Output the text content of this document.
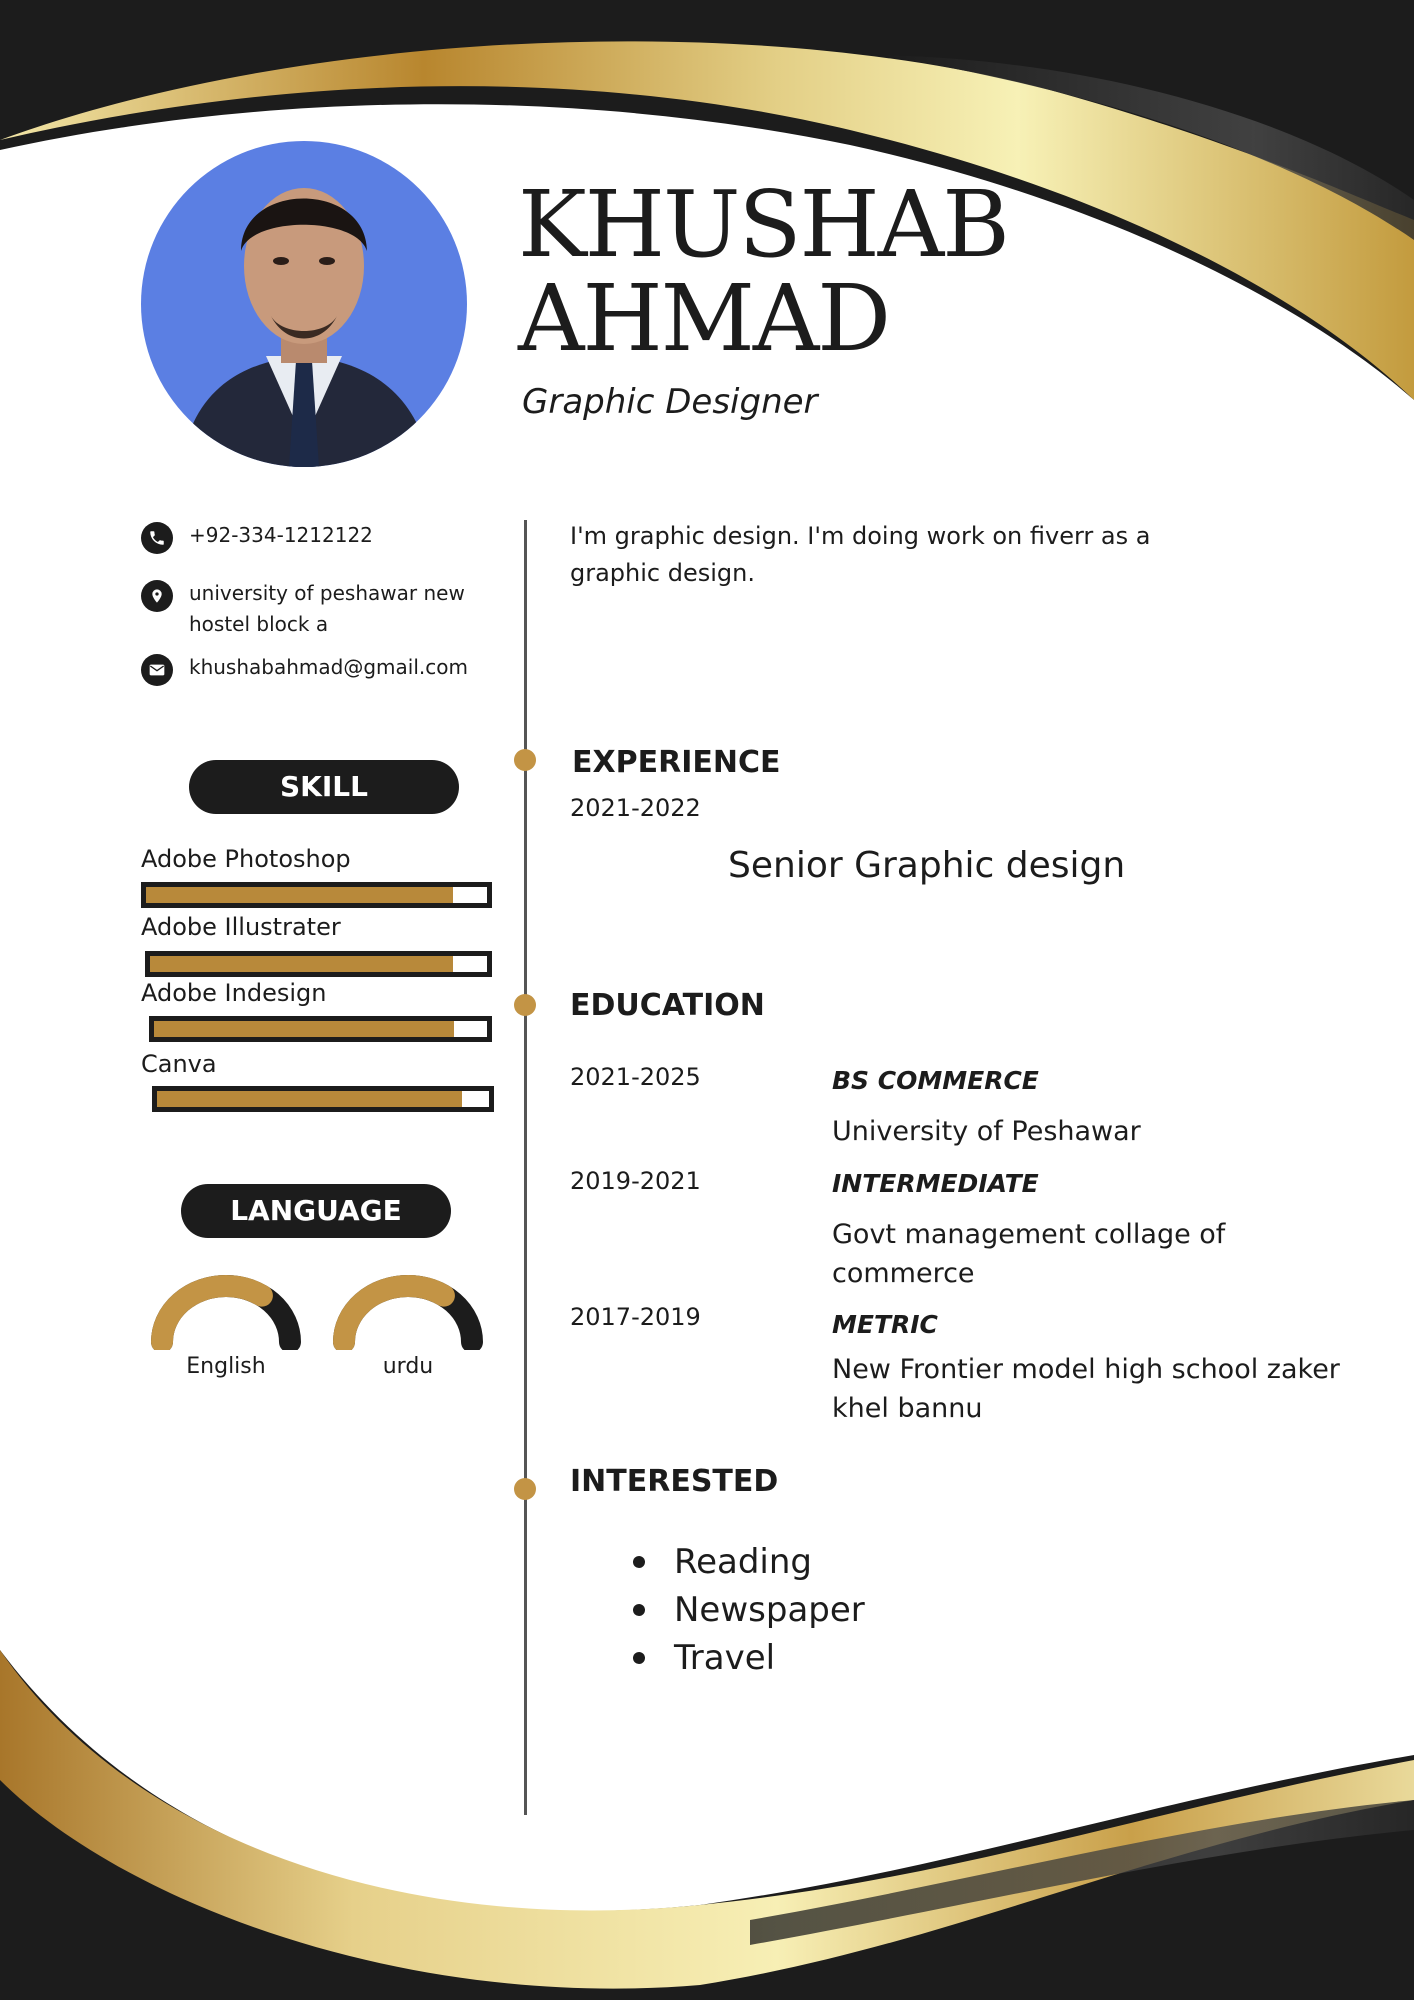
KHUSHAB
AHMAD
Graphic Designer
+92-334-1212122
university of peshawar new hostel block a
khushabahmad@gmail.com
SKILL
Adobe Photoshop
Adobe Illustrater
Adobe Indesign
Canva
LANGUAGE
English	urdu
I'm graphic design. I'm doing work on fiverr as a graphic design.
EXPERIENCE
2021-2022
Senior Graphic design
EDUCATION
2021-2025	BS COMMERCE
University of Peshawar
2019-2021	INTERMEDIATE
Govt management collage of commerce
2017-2019	METRIC
New Frontier model high school zaker khel bannu
INTERESTED
Reading
Newspaper
Travel
